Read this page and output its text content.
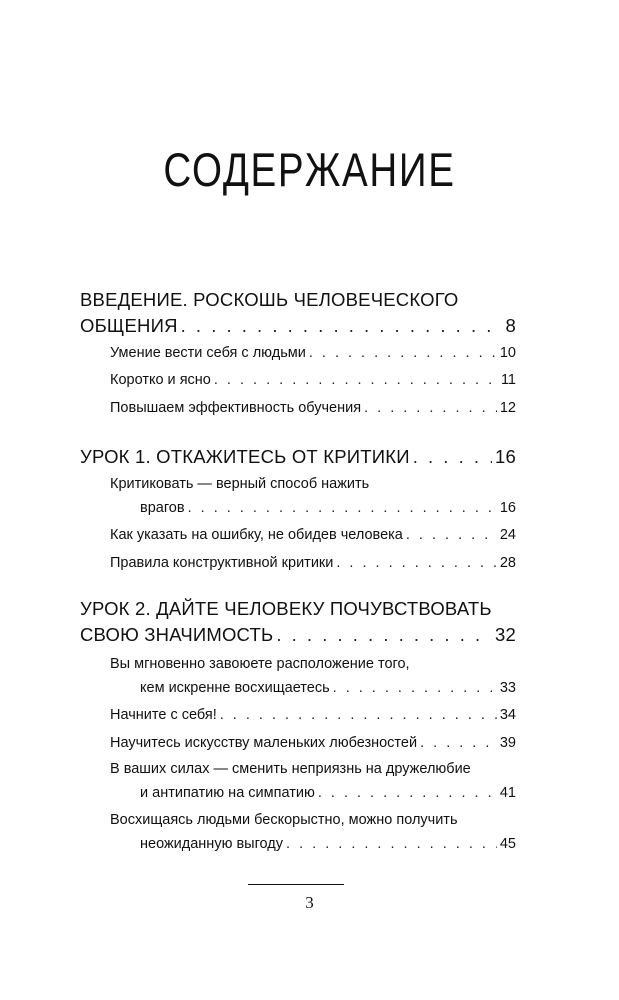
СОДЕРЖАНИЕ
ВВЕДЕНИЕ. РОСКОШЬ ЧЕЛОВЕЧЕСКОГО
ОБЩЕНИЯ . . .	8
Умение вести себя с людьми . . .	10
Коротко и ясно . . .	11
Повышаем эффективность обучения . . .	12
УРОК 1. ОТКАЖИТЕСЬ ОТ КРИТИКИ . . .	16
Критиковать — верный способ нажить
врагов . . .	16
Как указать на ошибку, не обидев человека . . .	24
Правила конструктивной критики . . .	28
УРОК 2. ДАЙТЕ ЧЕЛОВЕКУ ПОЧУВСТВОВАТЬ
СВОЮ ЗНАЧИМОСТЬ . . .	32
Вы мгновенно завоюете расположение того,
кем искренне восхищаетесь . . .	33
Начните с себя! . . .	34
Научитесь искусству маленьких любезностей . . .	39
В ваших силах — сменить неприязнь на дружелюбие
и антипатию на симпатию . . .	41
Восхищаясь людьми бескорыстно, можно получить
неожиданную выгоду . . .	45
3
